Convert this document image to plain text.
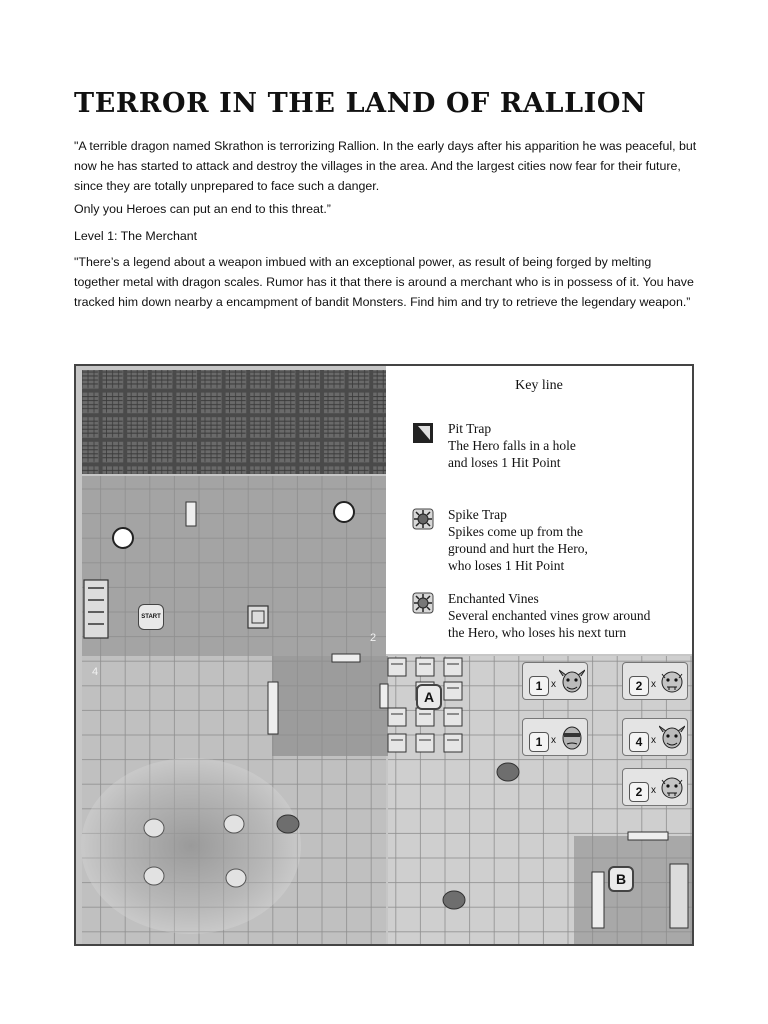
TERROR IN THE LAND OF RALLION
"A terrible dragon named Skrathon is terrorizing Rallion. In the early days after his apparition he was peaceful, but now he has started to attack and destroy the villages in the area. And the largest cities now fear for their future, since they are totally unprepared to face such a danger.
Only you Heroes can put an end to this threat.”
Level 1: The Merchant
"There’s a legend about a weapon imbued with an exceptional power, as result of being forged by melting together metal with dragon scales. Rumor has it that there is around a merchant who is in possess of it. You have tracked him down nearby a encampment of bandit Monsters. Find him and try to retrieve the legendary weapon.”
START
A
B
2
4
1 x	2 x
1 x	4 x
2 x
Key line
Pit Trap
The Hero falls in a hole
and loses 1 Hit Point
Spike Trap
Spikes come up from the
ground and hurt the Hero,
who loses 1 Hit Point
Enchanted Vines
Several enchanted vines grow around
the Hero, who loses his next turn
